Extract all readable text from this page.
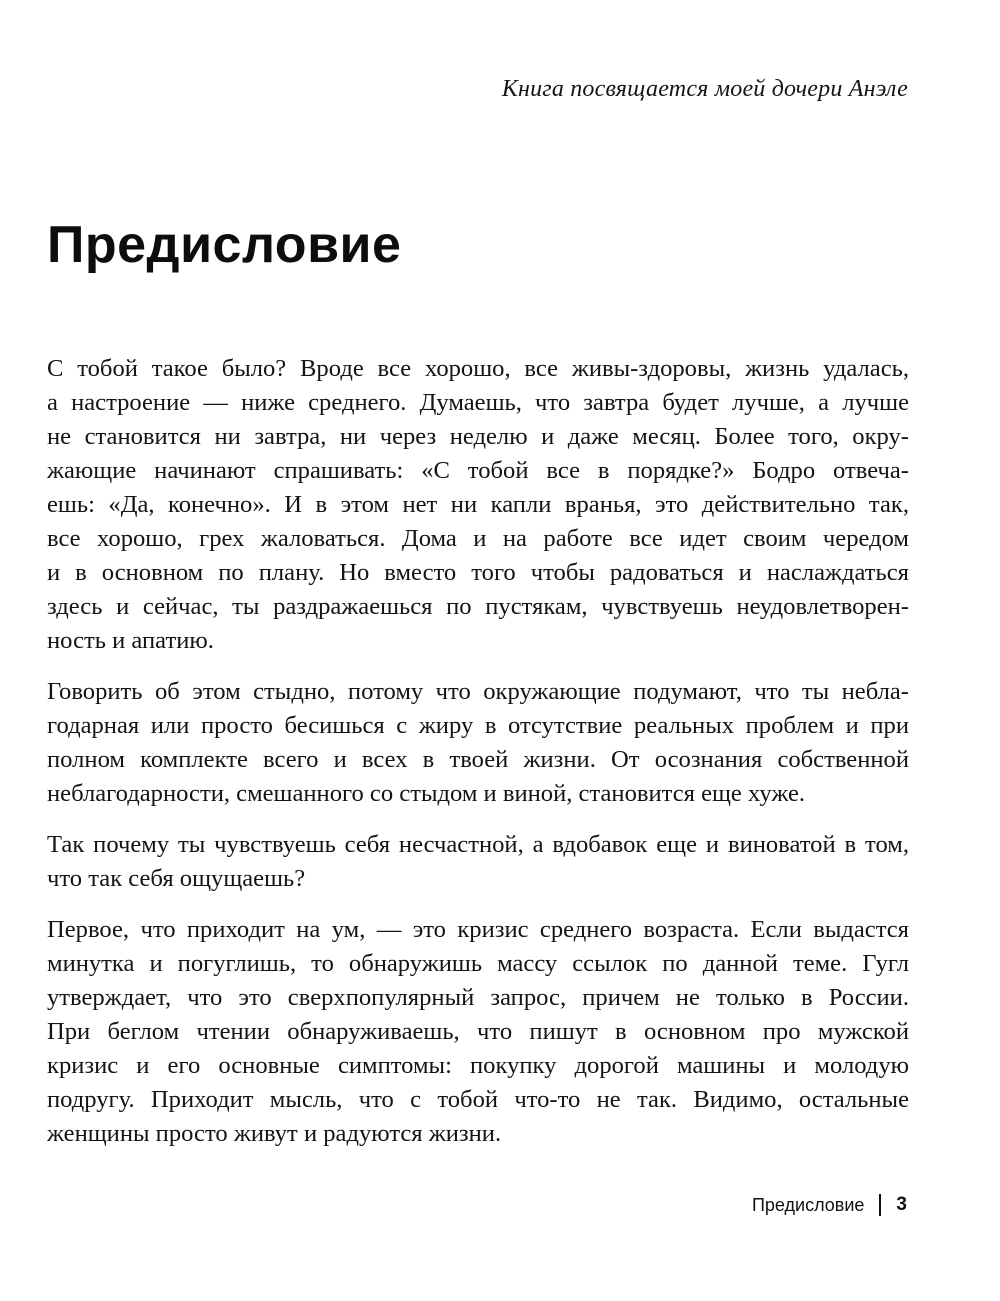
Книга посвящается моей дочери Анэле
Предисловие

С тобой такое было? Вроде все хорошо, все живы-здоровы, жизнь удалась,
а настроение — ниже среднего. Думаешь, что завтра будет лучше, а лучше
не становится ни завтра, ни через неделю и даже месяц. Более того, окру-
жающие начинают спрашивать: «С тобой все в порядке?» Бодро отвеча-
ешь: «Да, конечно». И в этом нет ни капли вранья, это действительно так,
все хорошо, грех жаловаться. Дома и на работе все идет своим чередом
и в основном по плану. Но вместо того чтобы радоваться и наслаждаться
здесь и сейчас, ты раздражаешься по пустякам, чувствуешь неудовлетворен-
ность и апатию.

Говорить об этом стыдно, потому что окружающие подумают, что ты небла-
годарная или просто бесишься с жиру в отсутствие реальных проблем и при
полном комплекте всего и всех в твоей жизни. От осознания собственной
неблагодарности, смешанного со стыдом и виной, становится еще хуже.

Так почему ты чувствуешь себя несчастной, а вдобавок еще и виноватой в том,
что так себя ощущаешь?

Первое, что приходит на ум, — это кризис среднего возраста. Если выдастся
минутка и погуглишь, то обнаружишь массу ссылок по данной теме. Гугл
утверждает, что это сверхпопулярный запрос, причем не только в России.
При беглом чтении обнаруживаешь, что пишут в основном про мужской
кризис и его основные симптомы: покупку дорогой машины и молодую
подругу. Приходит мысль, что с тобой что-то не так. Видимо, остальные
женщины просто живут и радуются жизни.

Предисловие 3
